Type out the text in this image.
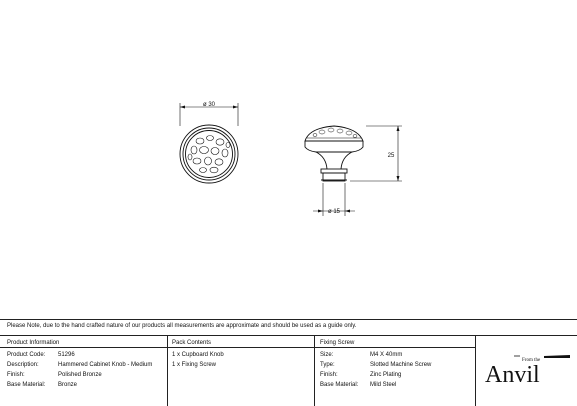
ø 30
25
ø 15
Please Note, due to the hand crafted nature of our products all measurements are approximate and should be used as a guide only.
Product Information
Product Code: 51296
Description:	Hammered Cabinet Knob - Medium
Finish:	Polished Bronze
Base Material: Bronze
Pack Contents
1 x Cupboard Knob
1 x Fixing Screw
Fixing Screw
Size:	M4 X 40mm
Type:	Slotted Machine Screw
Finish:	Zinc Plating
Base Material: Mild Steel
From the
Anvil
